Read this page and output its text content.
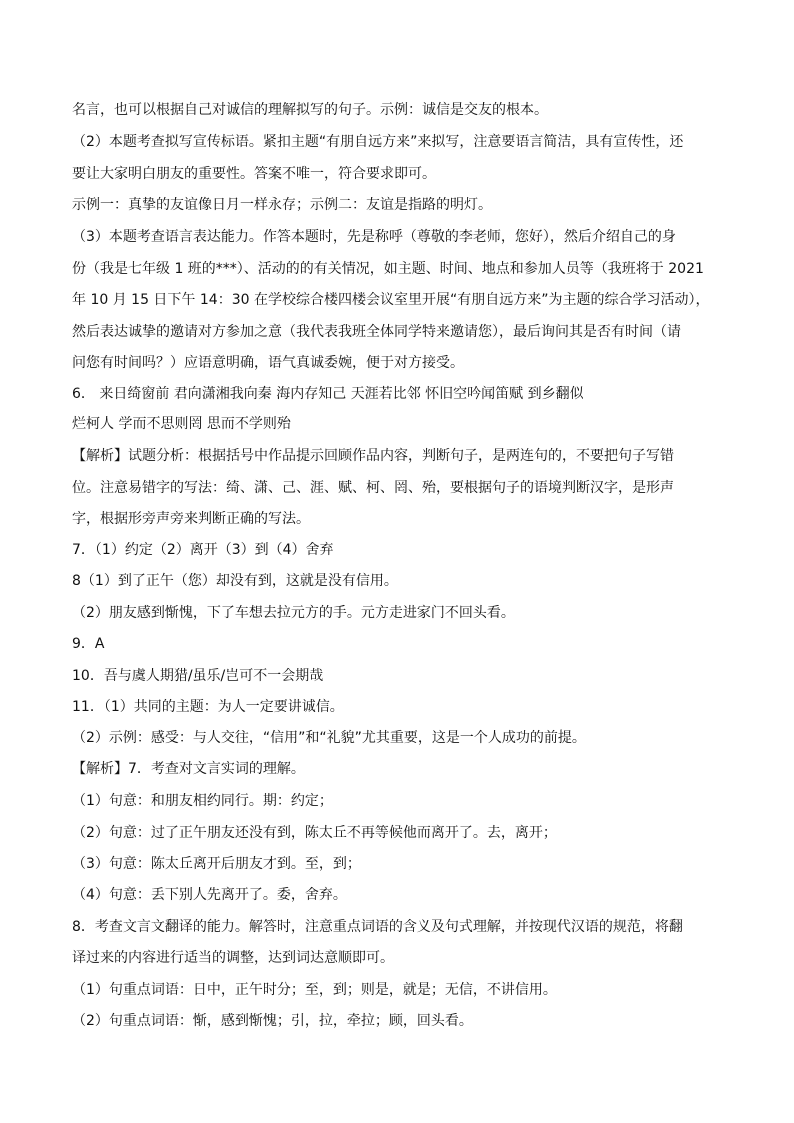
名言，也可以根据自己对诚信的理解拟写的句子。示例：诚信是交友的根本。
（2）本题考查拟写宣传标语。紧扣主题“有朋自远方来”来拟写，注意要语言简洁，具有宣传性，还
要让大家明白朋友的重要性。答案不唯一，符合要求即可。
示例一：真挚的友谊像日月一样永存；示例二：友谊是指路的明灯。
（3）本题考查语言表达能力。作答本题时，先是称呼（尊敬的李老师，您好），然后介绍自己的身
份（我是七年级 1 班的***）、活动的的有关情况，如主题、时间、地点和参加人员等（我班将于 2021
年 10 月 15 日下午 14：30 在学校综合楼四楼会议室里开展“有朋自远方来”为主题的综合学习活动），
然后表达诚挚的邀请对方参加之意（我代表我班全体同学特来邀请您），最后询问其是否有时间（请
问您有时间吗？）应语意明确，语气真诚委婉，便于对方接受。
6． 来日绮窗前 君向潇湘我向秦 海内存知己 天涯若比邻 怀旧空吟闻笛赋 到乡翻似
烂柯人 学而不思则罔 思而不学则殆
【解析】试题分析：根据括号中作品提示回顾作品内容，判断句子，是两连句的，不要把句子写错
位。注意易错字的写法：绮、潇、己、涯、赋、柯、罔、殆，要根据句子的语境判断汉字，是形声
字，根据形旁声旁来判断正确的写法。
7．（1）约定（2）离开（3）到（4）舍弃
8（1）到了正午（您）却没有到，这就是没有信用。
（2）朋友感到惭愧，下了车想去拉元方的手。元方走进家门不回头看。
9．A
10．吾与虞人期猎/虽乐/岂可不一会期哉
11．（1）共同的主题：为人一定要讲诚信。
（2）示例：感受：与人交往，“信用”和“礼貌”尤其重要，这是一个人成功的前提。
【解析】7．考查对文言实词的理解。
（1）句意：和朋友相约同行。期：约定；
（2）句意：过了正午朋友还没有到，陈太丘不再等候他而离开了。去，离开；
（3）句意：陈太丘离开后朋友才到。至，到；
（4）句意：丢下别人先离开了。委，舍弃。
8．考查文言文翻译的能力。解答时，注意重点词语的含义及句式理解，并按现代汉语的规范，将翻
译过来的内容进行适当的调整，达到词达意顺即可。
（1）句重点词语：日中，正午时分；至，到；则是，就是；无信，不讲信用。
（2）句重点词语：惭，感到惭愧；引，拉，牵拉；顾，回头看。
